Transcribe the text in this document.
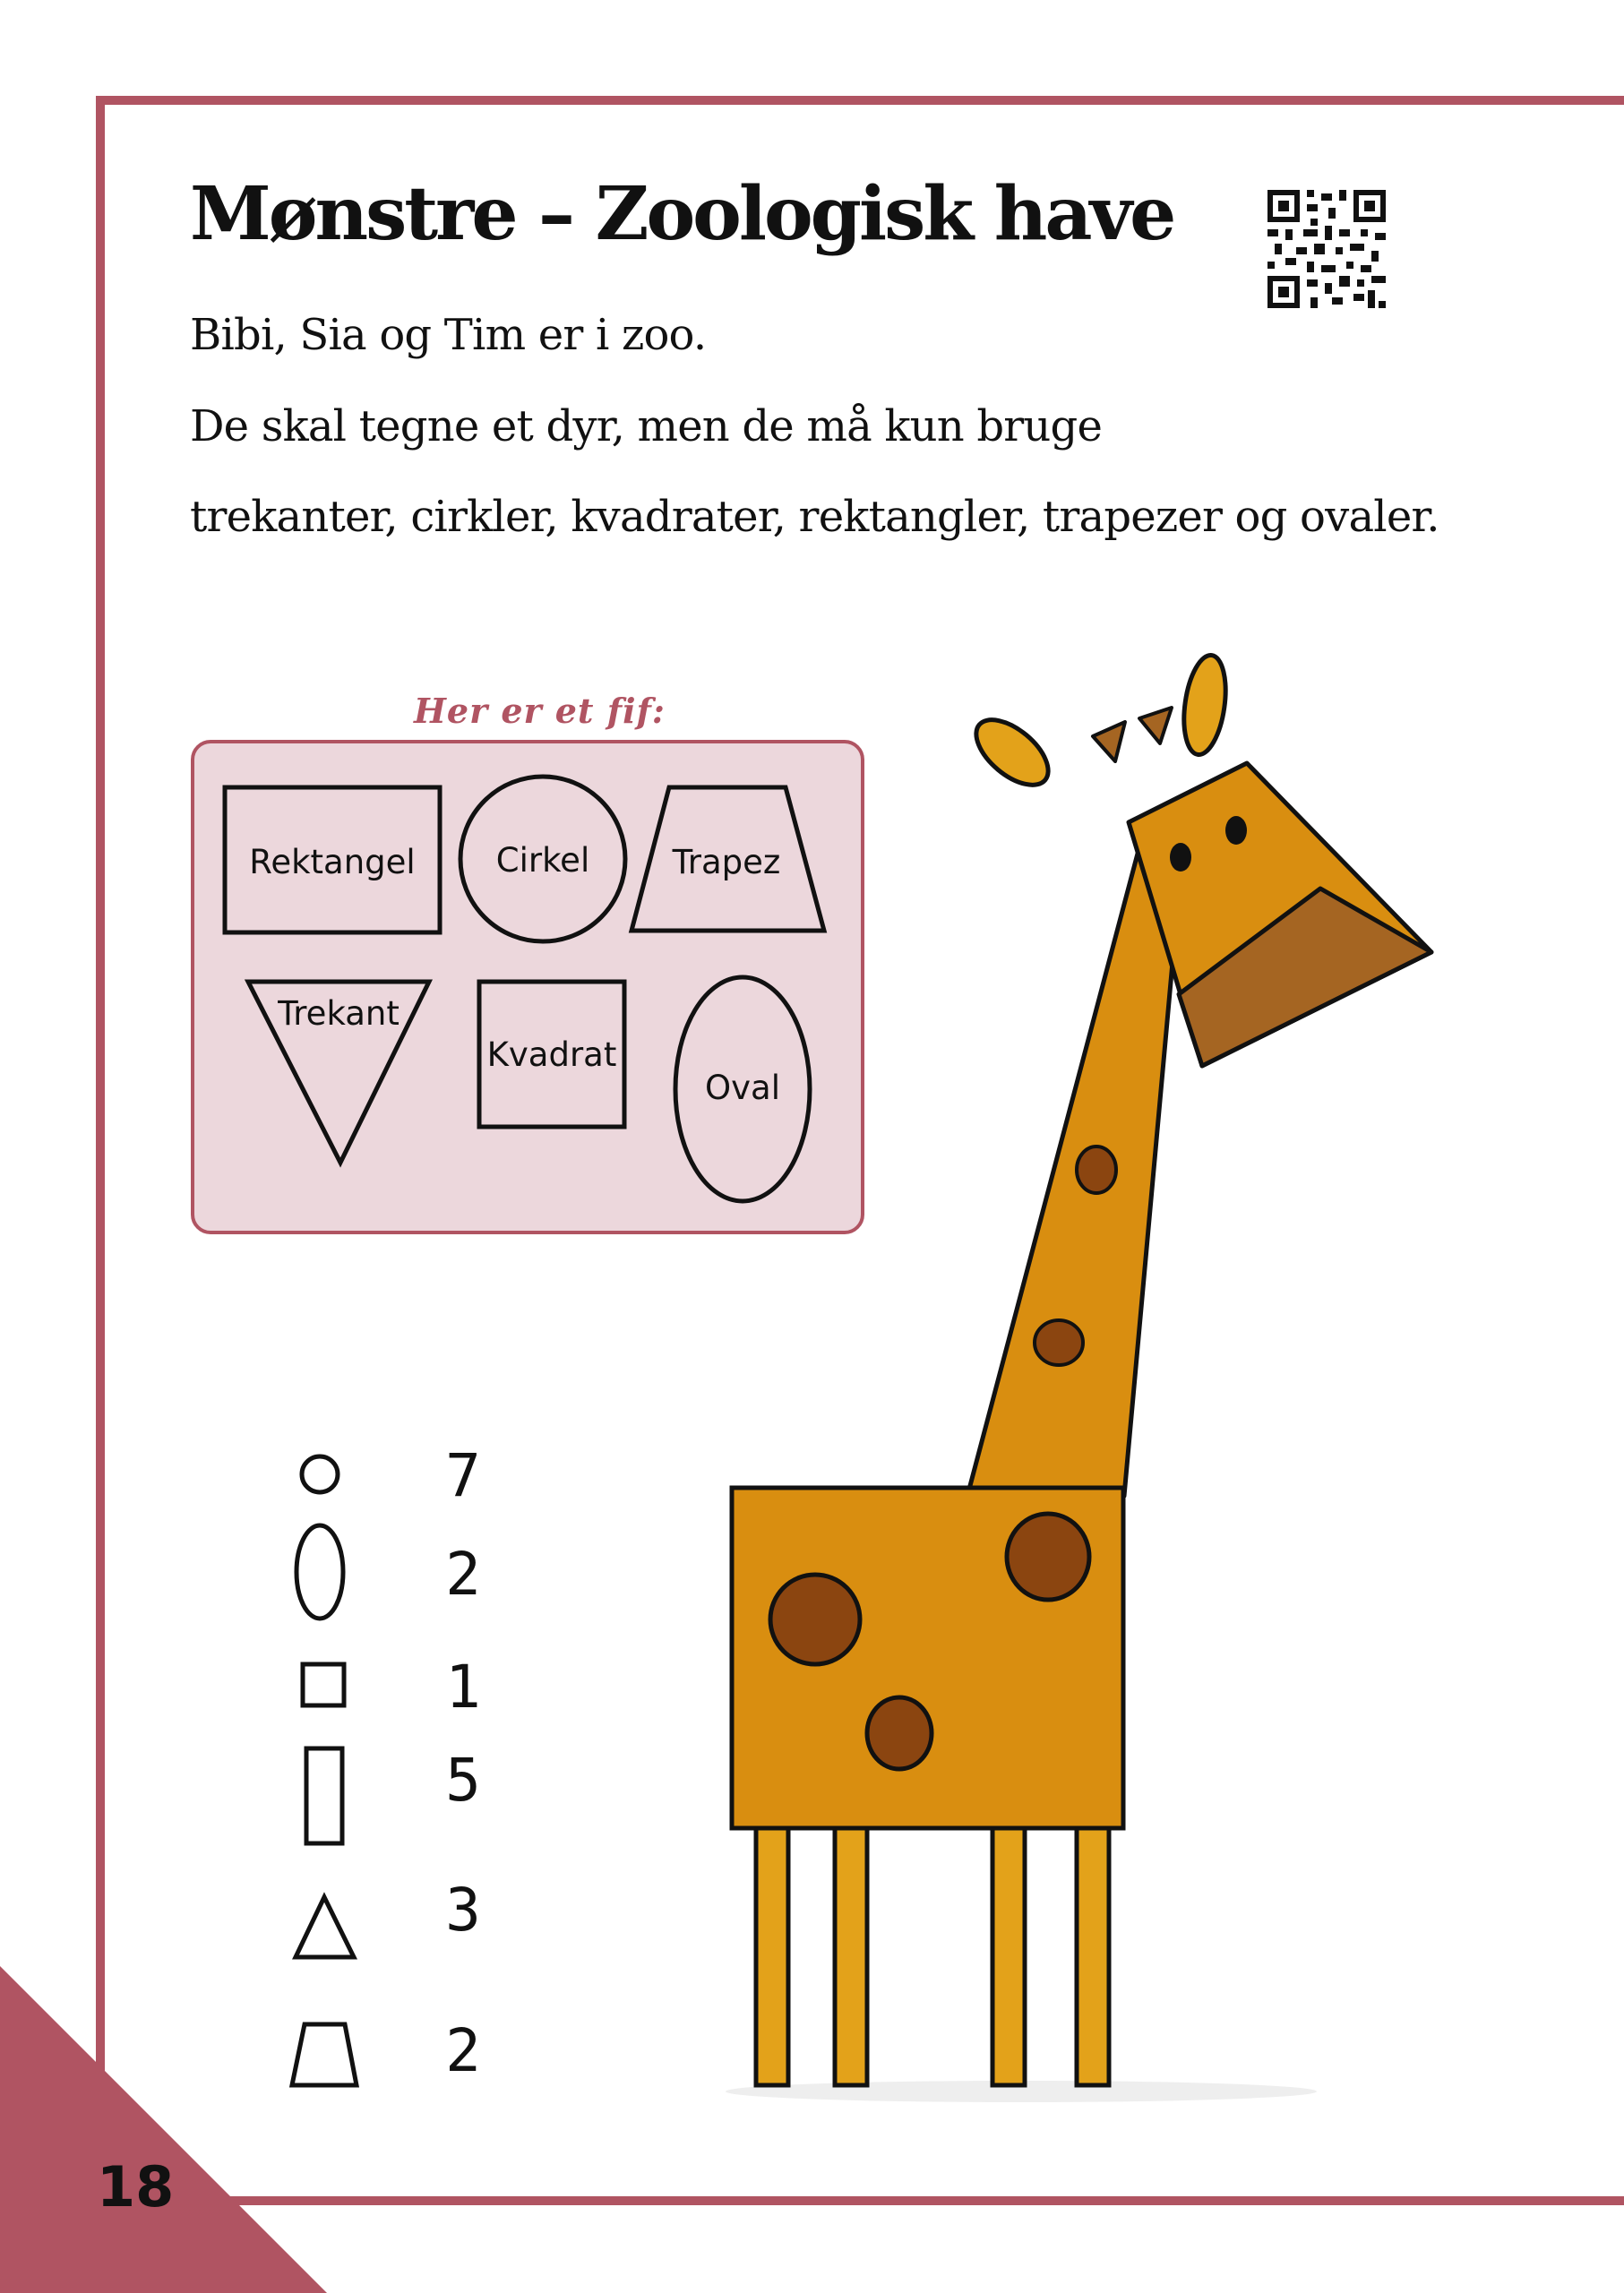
18
Mønstre – Zoologisk have
Bibi, Sia og Tim er i zoo.
De skal tegne et dyr, men de må kun bruge
trekanter, cirkler, kvadrater, rektangler, trapezer og ovaler.
Her er et fif:
Rektangel Cirkel Trapez
Trekant
Kvadrat
Oval
7
2
1
5
3
2
